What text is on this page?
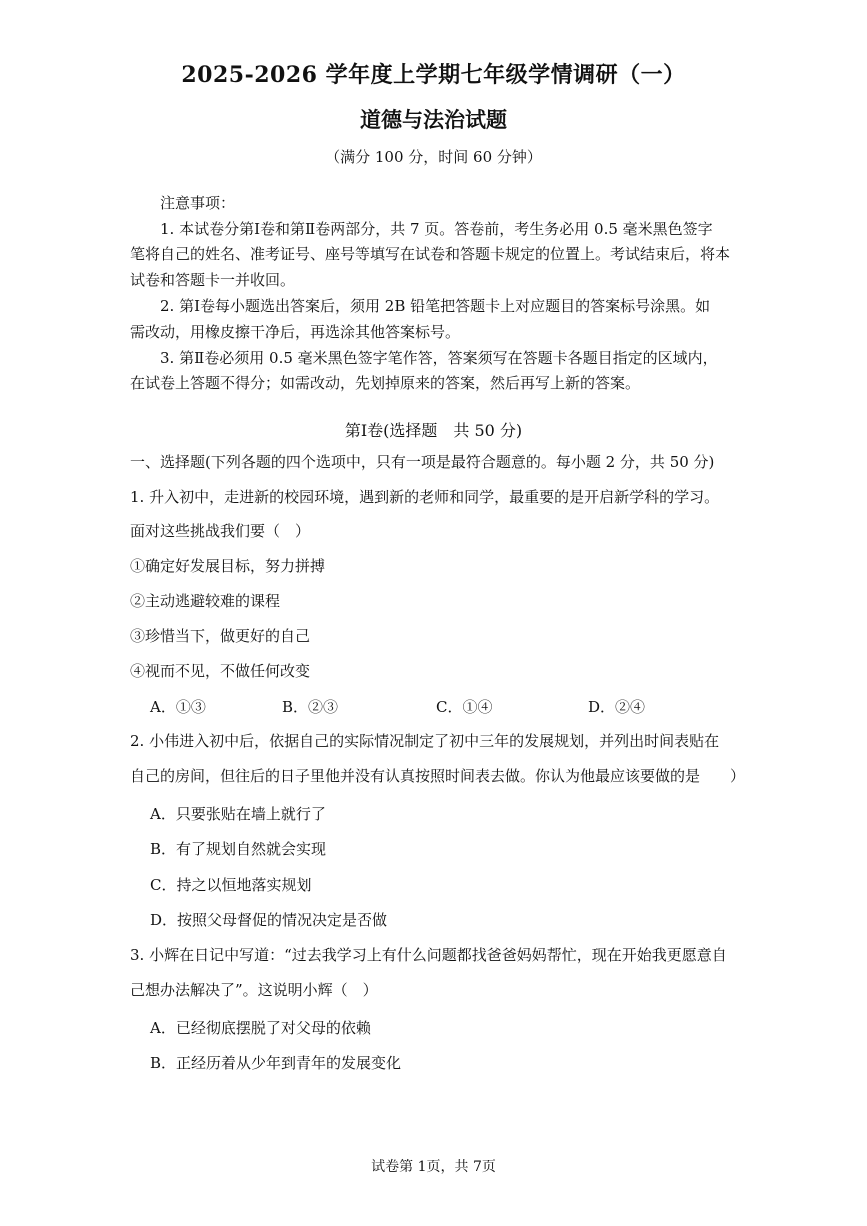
2025-2026 学年度上学期七年级学情调研（一）
道德与法治试题
（满分 100 分，时间 60 分钟）
注意事项：
1. 本试卷分第Ⅰ卷和第Ⅱ卷两部分，共 7 页。答卷前，考生务必用 0.5 毫米黑色签字
笔将自己的姓名、准考证号、座号等填写在试卷和答题卡规定的位置上。考试结束后，将本
试卷和答题卡一并收回。
2. 第Ⅰ卷每小题选出答案后，须用 2B 铅笔把答题卡上对应题目的答案标号涂黑。如
需改动，用橡皮擦干净后，再选涂其他答案标号。
3. 第Ⅱ卷必须用 0.5 毫米黑色签字笔作答，答案须写在答题卡各题目指定的区域内，
在试卷上答题不得分；如需改动，先划掉原来的答案，然后再写上新的答案。
第Ⅰ卷(选择题　共 50 分)
一、选择题(下列各题的四个选项中，只有一项是最符合题意的。每小题 2 分，共 50 分)
1. 升入初中，走进新的校园环境，遇到新的老师和同学，最重要的是开启新学科的学习。
面对这些挑战我们要（　）
①确定好发展目标，努力拼搏
②主动逃避较难的课程
③珍惜当下，做更好的自己
④视而不见，不做任何改变
A．①③	B．②③	C．①④	D．②④
2. 小伟进入初中后，依据自己的实际情况制定了初中三年的发展规划，并列出时间表贴在
自己的房间，但往后的日子里他并没有认真按照时间表去做。你认为他最应该要做的是　　）
A．只要张贴在墙上就行了
B．有了规划自然就会实现
C．持之以恒地落实规划
D．按照父母督促的情况决定是否做
3. 小辉在日记中写道：“过去我学习上有什么问题都找爸爸妈妈帮忙，现在开始我更愿意自
己想办法解决了”。这说明小辉（　）
A．已经彻底摆脱了对父母的依赖
B．正经历着从少年到青年的发展变化
试卷第 1页，共 7页
